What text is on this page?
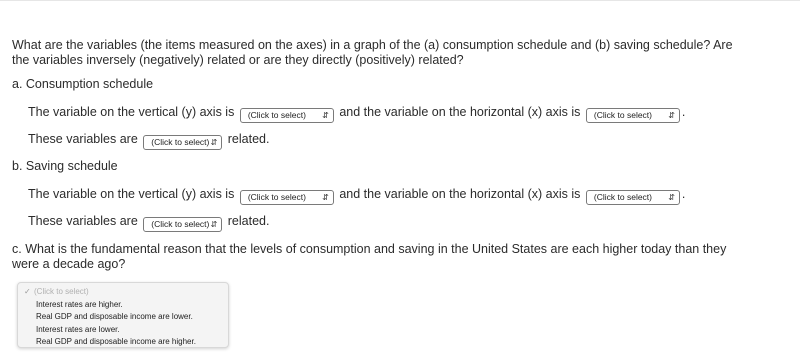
What are the variables (the items measured on the axes) in a graph of the (a) consumption schedule and (b) saving schedule? Are the variables inversely (negatively) related or are they directly (positively) related?
a. Consumption schedule
The variable on the vertical (y) axis is (Click to select) ⇵ and the variable on the horizontal (x) axis is (Click to select) ⇵ .
These variables are (Click to select) ⇵ related.
b. Saving schedule
The variable on the vertical (y) axis is (Click to select) ⇵ and the variable on the horizontal (x) axis is (Click to select) ⇵ .
These variables are (Click to select) ⇵ related.
c. What is the fundamental reason that the levels of consumption and saving in the United States are each higher today than they were a decade ago?
✓ (Click to select)
Interest rates are higher.
Real GDP and disposable income are lower.
Interest rates are lower.
Real GDP and disposable income are higher.
